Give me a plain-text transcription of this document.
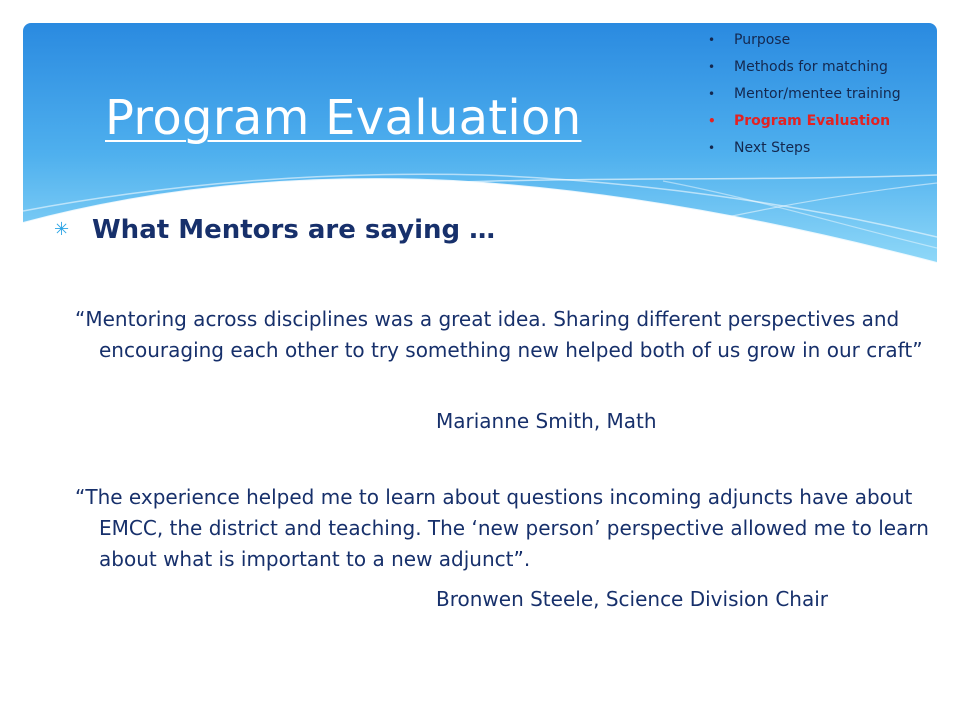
Program Evaluation
• Purpose
• Methods for matching
• Mentor/mentee training
• Program Evaluation
• Next Steps
✳ What Mentors are saying …
“Mentoring across disciplines was a great idea. Sharing different perspectives and encouraging each other to try something new helped both of us grow in our craft”
Marianne Smith, Math
“The experience helped me to learn about questions incoming adjuncts have about EMCC, the district and teaching. The ‘new person’ perspective allowed me to learn about what is important to a new adjunct”.
Bronwen Steele, Science Division Chair
